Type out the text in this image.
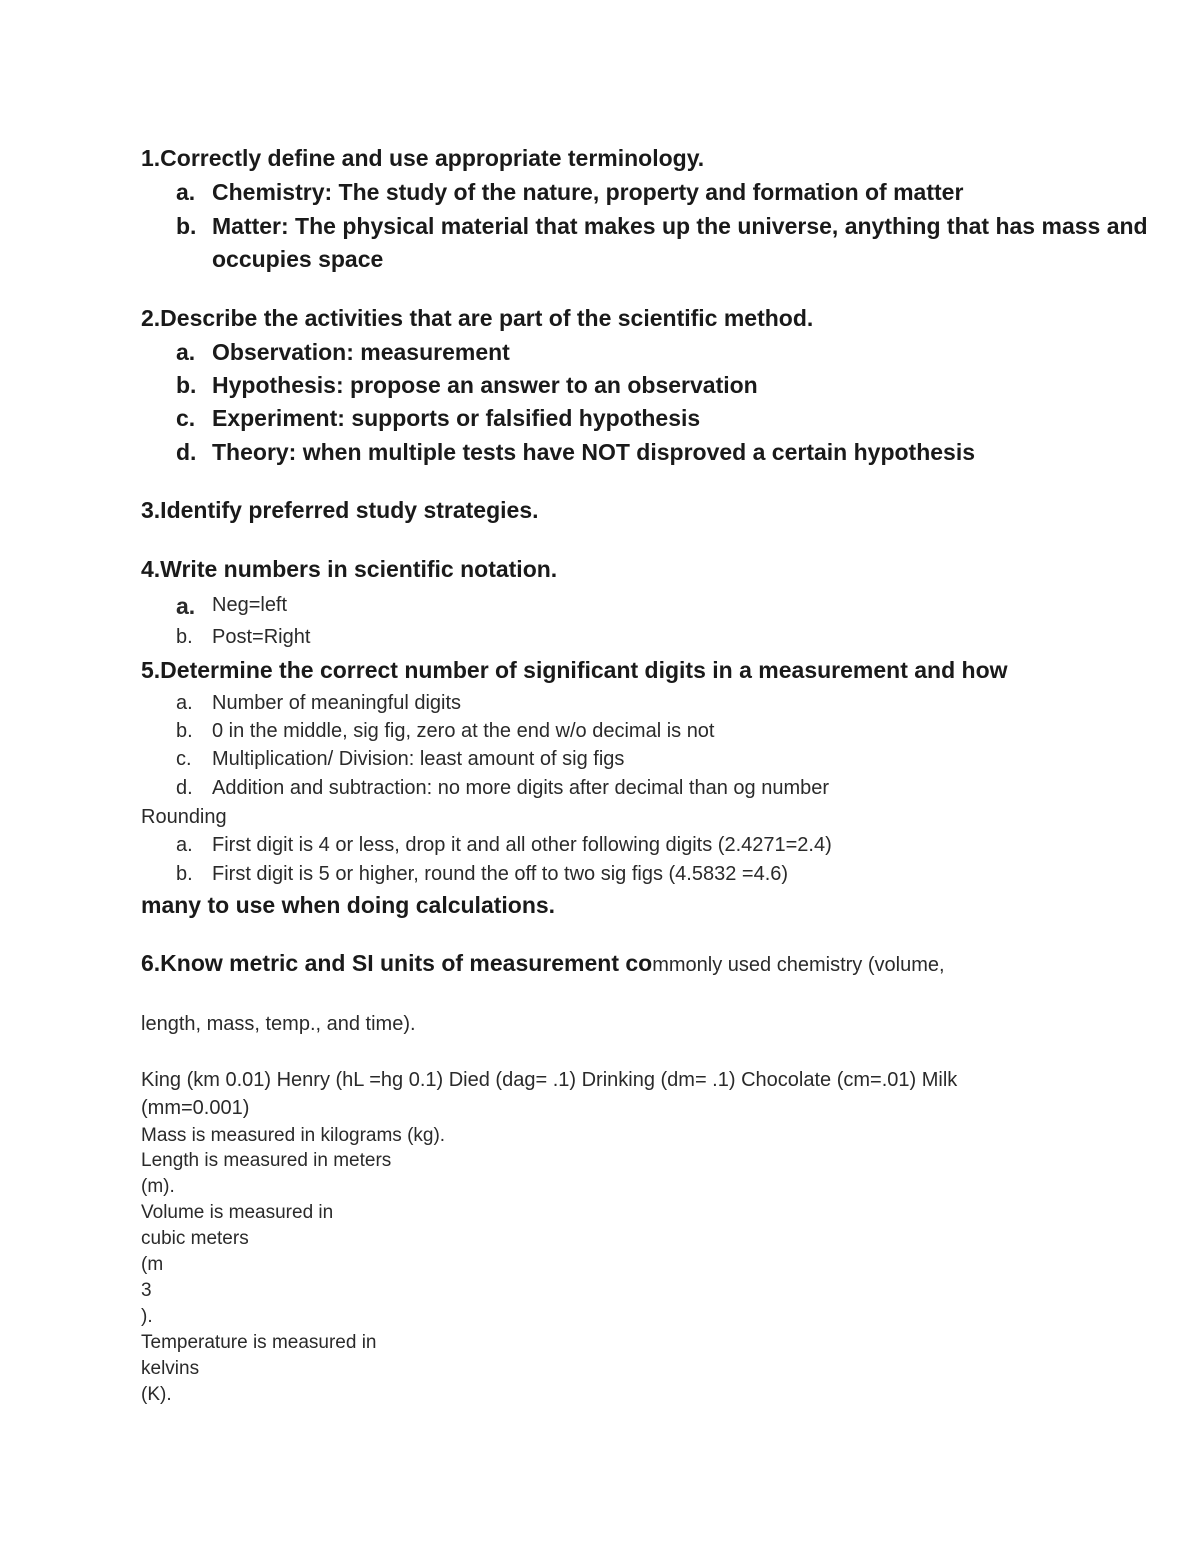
1.Correctly define and use appropriate terminology.
a. Chemistry: The study of the nature, property and formation of matter
b. Matter: The physical material that makes up the universe, anything that has mass and
occupies space
2.Describe the activities that are part of the scientific method.
a. Observation: measurement
b. Hypothesis: propose an answer to an observation
c. Experiment: supports or falsified hypothesis
d. Theory: when multiple tests have NOT disproved a certain hypothesis
3.Identify preferred study strategies.
4.Write numbers in scientific notation.
a. Neg=left
b. Post=Right
5.Determine the correct number of significant digits in a measurement and how
a. Number of meaningful digits
b. 0 in the middle, sig fig, zero at the end w/o decimal is not
c. Multiplication/ Division: least amount of sig figs
d. Addition and subtraction: no more digits after decimal than og number
Rounding
a. First digit is 4 or less, drop it and all other following digits (2.4271=2.4)
b. First digit is 5 or higher, round the off to two sig figs (4.5832 =4.6)
many to use when doing calculations.
6.Know metric and SI units of measurement commonly used chemistry (volume,
length, mass, temp., and time).
King (km 0.01) Henry (hL =hg 0.1) Died (dag= .1) Drinking (dm= .1) Chocolate (cm=.01) Milk
(mm=0.001)
Mass is measured in kilograms (kg).
Length is measured in meters
(m).
Volume is measured in
cubic meters
(m
3
).
Temperature is measured in
kelvins
(K).
